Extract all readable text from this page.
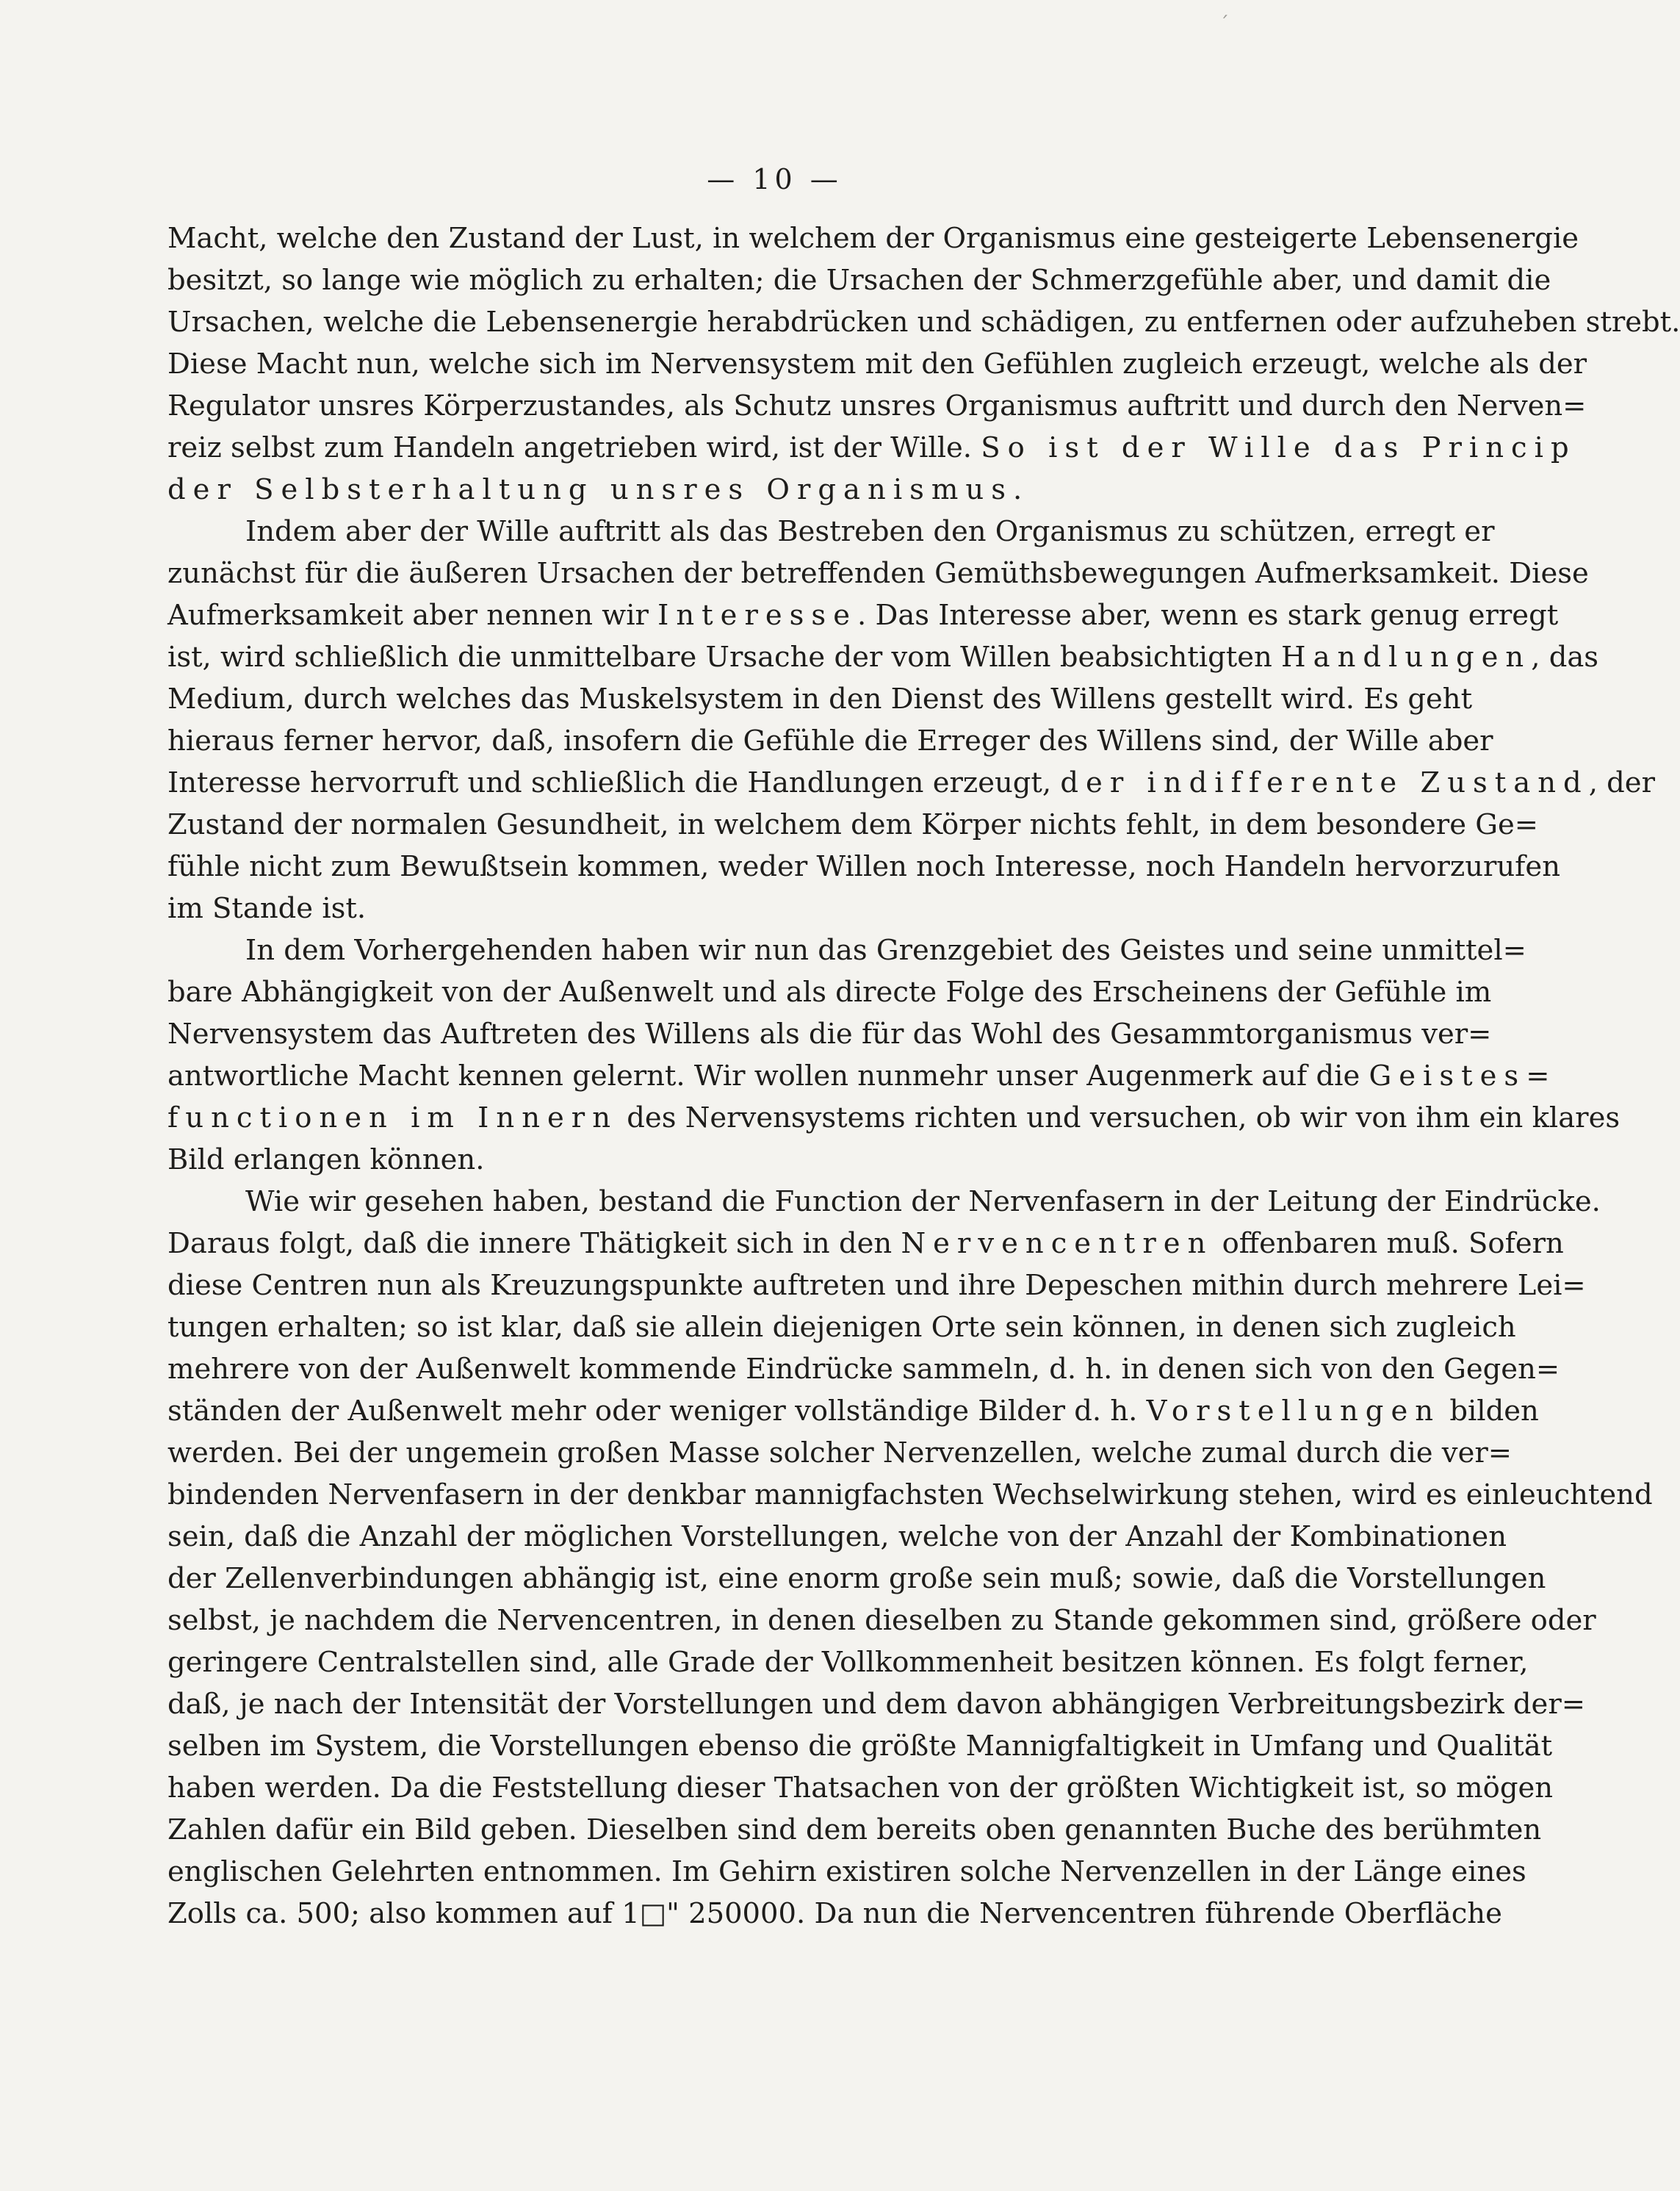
´
— 10 —
Macht, welche den Zustand der Lust, in welchem der Organismus eine gesteigerte Lebensenergie
besitzt, so lange wie möglich zu erhalten; die Ursachen der Schmerzgefühle aber, und damit die
Ursachen, welche die Lebensenergie herabdrücken und schädigen, zu entfernen oder aufzuheben strebt.
Diese Macht nun, welche sich im Nervensystem mit den Gefühlen zugleich erzeugt, welche als der
Regulator unsres Körperzustandes, als Schutz unsres Organismus auftritt und durch den Nerven=
reiz selbst zum Handeln angetrieben wird, ist der Wille. So ist der Wille das Princip
der Selbsterhaltung unsres Organismus.
Indem aber der Wille auftritt als das Bestreben den Organismus zu schützen, erregt er
zunächst für die äußeren Ursachen der betreffenden Gemüthsbewegungen Aufmerksamkeit. Diese
Aufmerksamkeit aber nennen wir Interesse. Das Interesse aber, wenn es stark genug erregt
ist, wird schließlich die unmittelbare Ursache der vom Willen beabsichtigten Handlungen, das
Medium, durch welches das Muskelsystem in den Dienst des Willens gestellt wird. Es geht
hieraus ferner hervor, daß, insofern die Gefühle die Erreger des Willens sind, der Wille aber
Interesse hervorruft und schließlich die Handlungen erzeugt, der indifferente Zustand, der
Zustand der normalen Gesundheit, in welchem dem Körper nichts fehlt, in dem besondere Ge=
fühle nicht zum Bewußtsein kommen, weder Willen noch Interesse, noch Handeln hervorzurufen
im Stande ist.
In dem Vorhergehenden haben wir nun das Grenzgebiet des Geistes und seine unmittel=
bare Abhängigkeit von der Außenwelt und als directe Folge des Erscheinens der Gefühle im
Nervensystem das Auftreten des Willens als die für das Wohl des Gesammtorganismus ver=
antwortliche Macht kennen gelernt. Wir wollen nunmehr unser Augenmerk auf die Geistes=
functionen im Innern des Nervensystems richten und versuchen, ob wir von ihm ein klares
Bild erlangen können.
Wie wir gesehen haben, bestand die Function der Nervenfasern in der Leitung der Eindrücke.
Daraus folgt, daß die innere Thätigkeit sich in den Nervencentren offenbaren muß. Sofern
diese Centren nun als Kreuzungspunkte auftreten und ihre Depeschen mithin durch mehrere Lei=
tungen erhalten; so ist klar, daß sie allein diejenigen Orte sein können, in denen sich zugleich
mehrere von der Außenwelt kommende Eindrücke sammeln, d. h. in denen sich von den Gegen=
ständen der Außenwelt mehr oder weniger vollständige Bilder d. h. Vorstellungen bilden
werden. Bei der ungemein großen Masse solcher Nervenzellen, welche zumal durch die ver=
bindenden Nervenfasern in der denkbar mannigfachsten Wechselwirkung stehen, wird es einleuchtend
sein, daß die Anzahl der möglichen Vorstellungen, welche von der Anzahl der Kombinationen
der Zellenverbindungen abhängig ist, eine enorm große sein muß; sowie, daß die Vorstellungen
selbst, je nachdem die Nervencentren, in denen dieselben zu Stande gekommen sind, größere oder
geringere Centralstellen sind, alle Grade der Vollkommenheit besitzen können. Es folgt ferner,
daß, je nach der Intensität der Vorstellungen und dem davon abhängigen Verbreitungsbezirk der=
selben im System, die Vorstellungen ebenso die größte Mannigfaltigkeit in Umfang und Qualität
haben werden. Da die Feststellung dieser Thatsachen von der größten Wichtigkeit ist, so mögen
Zahlen dafür ein Bild geben. Dieselben sind dem bereits oben genannten Buche des berühmten
englischen Gelehrten entnommen. Im Gehirn existiren solche Nervenzellen in der Länge eines
Zolls ca. 500; also kommen auf 1□" 250000. Da nun die Nervencentren führende Oberfläche
